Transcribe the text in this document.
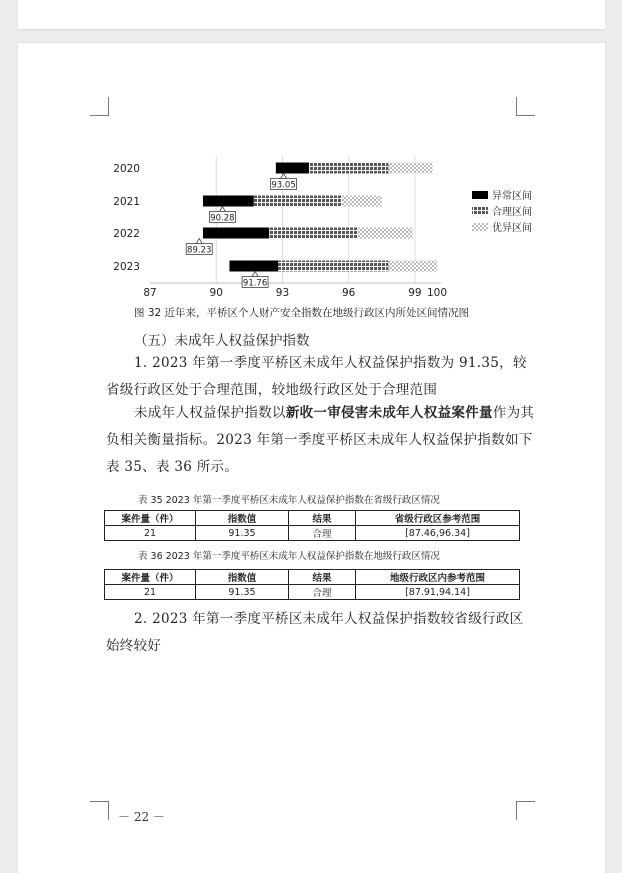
87	90	93	96	99 100
2020
93.05
2021
90.28
2022
89.23
2023
91.76
异常区间
合理区间
优异区间
图 32 近年来，平桥区个人财产安全指数在地级行政区内所处区间情况图
（五）未成年人权益保护指数
1. 2023 年第一季度平桥区未成年人权益保护指数为 91.35，较省级行政区处于合理范围，较地级行政区处于合理范围
未成年人权益保护指数以新收一审侵害未成年人权益案件量作为其负相关衡量指标。2023 年第一季度平桥区未成年人权益保护指数如下表 35、表 36 所示。
表 35 2023 年第一季度平桥区未成年人权益保护指数在省级行政区情况
案件量（件）	指数值	结果	省级行政区参考范围
21	91.35	合理	[87.46,96.34]
表 36 2023 年第一季度平桥区未成年人权益保护指数在地级行政区情况
案件量（件）	指数值	结果	地级行政区内参考范围
21	91.35	合理	[87.91,94.14]
2. 2023 年第一季度平桥区未成年人权益保护指数较省级行政区始终较好
－ 22 －
